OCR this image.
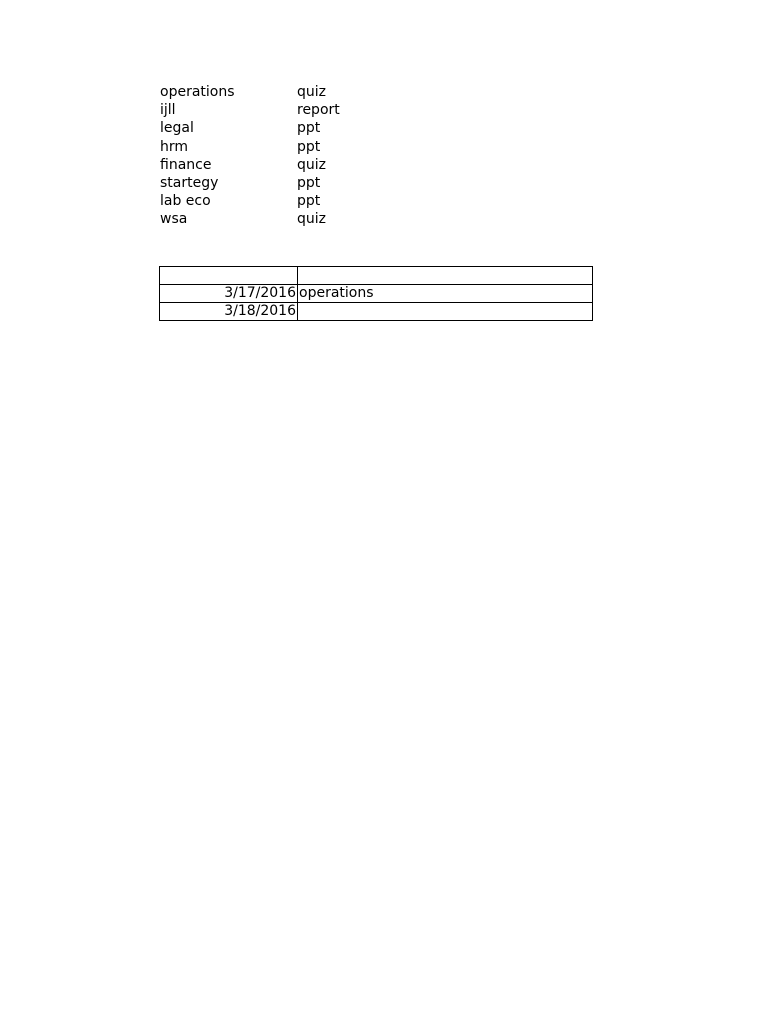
operations	quiz
ijll	report
legal	ppt
hrm	ppt
finance	quiz
startegy	ppt
lab eco	ppt
wsa	quiz

3/17/2016	operations
3/18/2016	
